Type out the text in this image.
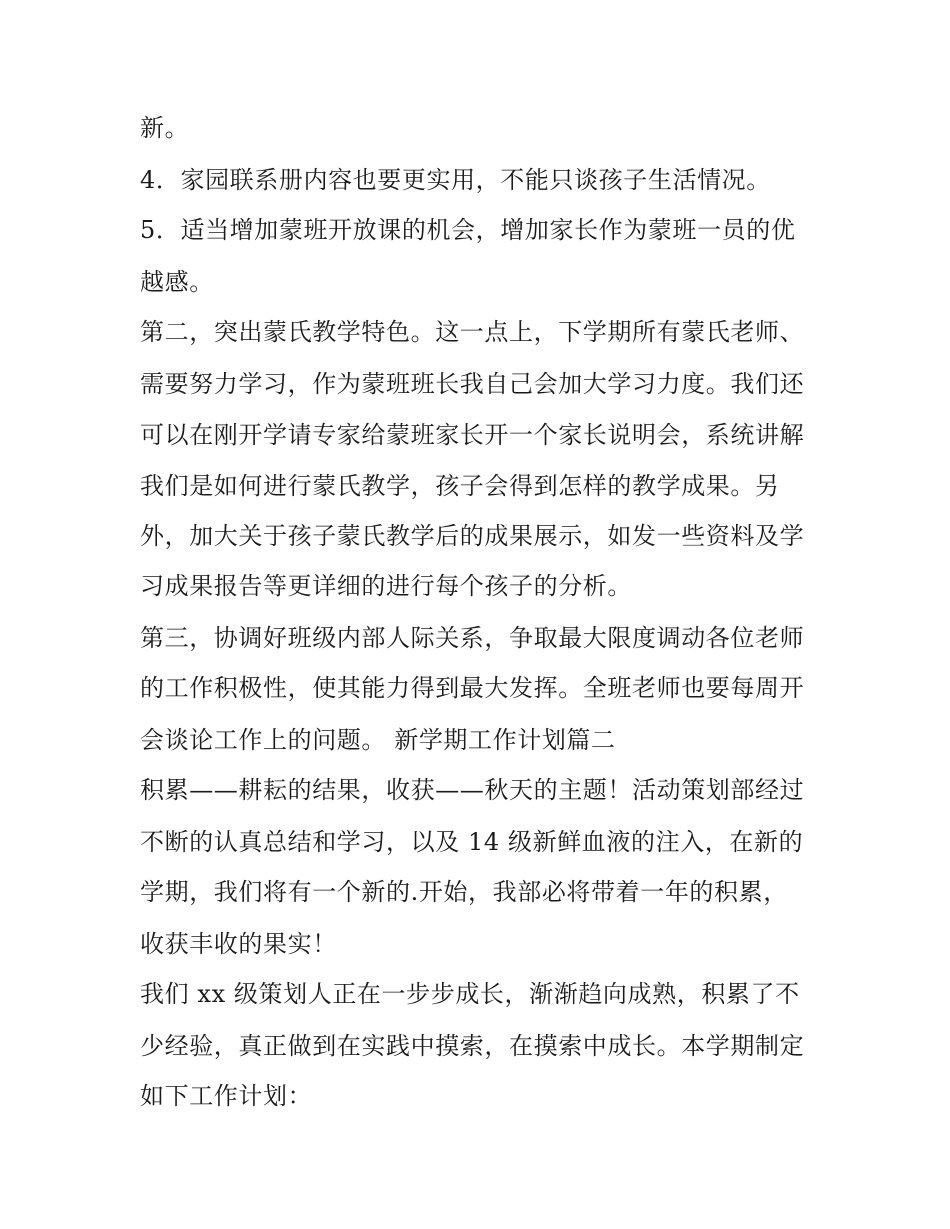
新。
4．家园联系册内容也要更实用，不能只谈孩子生活情况。
5．适当增加蒙班开放课的机会，增加家长作为蒙班一员的优
越感。
第二，突出蒙氏教学特色。这一点上，下学期所有蒙氏老师、
需要努力学习，作为蒙班班长我自己会加大学习力度。我们还
可以在刚开学请专家给蒙班家长开一个家长说明会，系统讲解
我们是如何进行蒙氏教学，孩子会得到怎样的教学成果。另
外，加大关于孩子蒙氏教学后的成果展示，如发一些资料及学
习成果报告等更详细的进行每个孩子的分析。
第三，协调好班级内部人际关系，争取最大限度调动各位老师
的工作积极性，使其能力得到最大发挥。全班老师也要每周开
会谈论工作上的问题。 新学期工作计划篇二
积累——耕耘的结果，收获——秋天的主题！活动策划部经过
不断的认真总结和学习，以及 14 级新鲜血液的注入，在新的
学期，我们将有一个新的.开始，我部必将带着一年的积累，
收获丰收的果实！
我们 xx 级策划人正在一步步成长，渐渐趋向成熟，积累了不
少经验，真正做到在实践中摸索，在摸索中成长。本学期制定
如下工作计划：
